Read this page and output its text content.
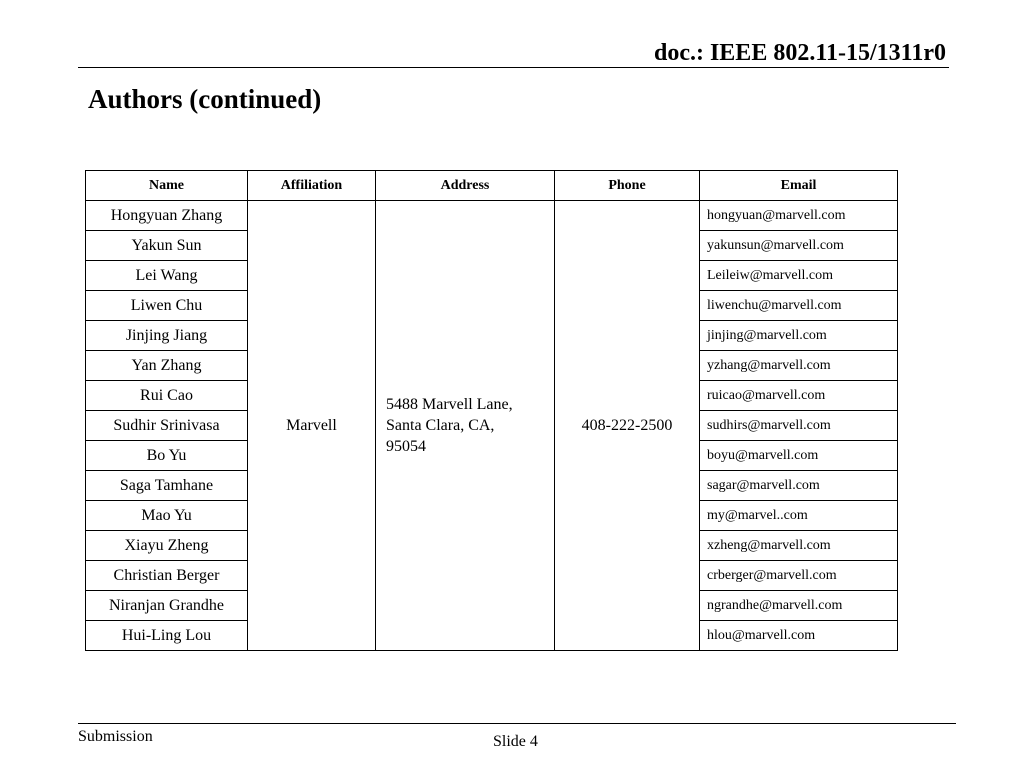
doc.: IEEE 802.11-15/1311r0
Authors (continued)
Name	Affiliation	Address	Phone	Email
Hongyuan Zhang	Marvell	5488 Marvell Lane,
Santa Clara, CA,
95054	408-222-2500	hongyuan@marvell.com
Yakun Sun				yakunsun@marvell.com
Lei Wang				Leileiw@marvell.com
Liwen Chu				liwenchu@marvell.com
Jinjing Jiang				jinjing@marvell.com
Yan Zhang				yzhang@marvell.com
Rui Cao				ruicao@marvell.com
Sudhir Srinivasa				sudhirs@marvell.com
Bo Yu				boyu@marvell.com
Saga Tamhane				sagar@marvell.com
Mao Yu				my@marvel..com
Xiayu Zheng				xzheng@marvell.com
Christian Berger				crberger@marvell.com
Niranjan Grandhe				ngrandhe@marvell.com
Hui-Ling Lou				hlou@marvell.com
Submission	Slide 4
